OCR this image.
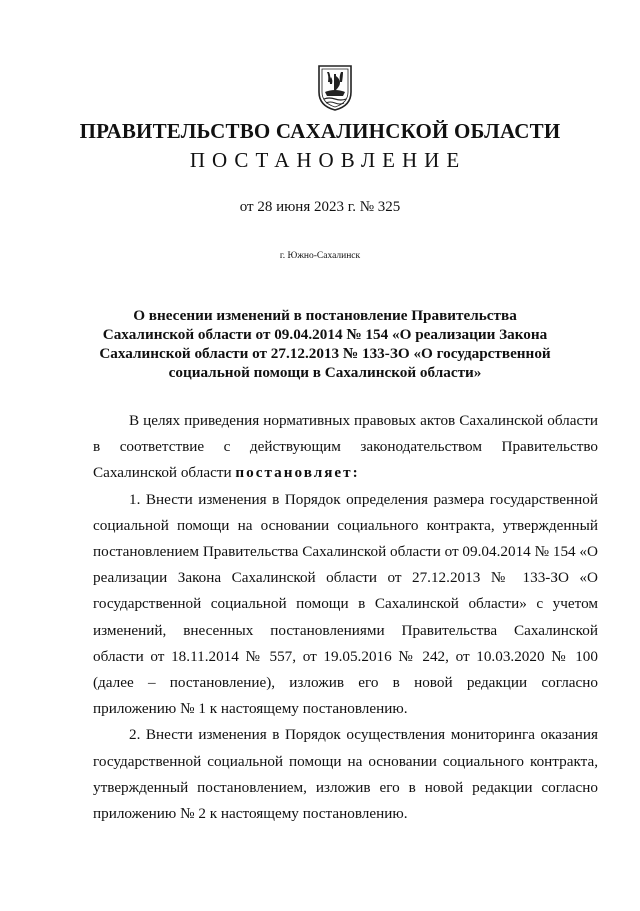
ПРАВИТЕЛЬСТВО САХАЛИНСКОЙ ОБЛАСТИ
ПОСТАНОВЛЕНИЕ
от 28 июня 2023 г. № 325
г. Южно-Сахалинск
О внесении изменений в постановление Правительства Сахалинской области от 09.04.2014 № 154 «О реализации Закона Сахалинской области от 27.12.2013 № 133-ЗО «О государственной социальной помощи в Сахалинской области»

В целях приведения нормативных правовых актов Сахалинской области в соответствие с действующим законодательством Правительство Сахалинской области постановляет:

1. Внести изменения в Порядок определения размера государственной социальной помощи на основании социального контракта, утвержденный постановлением Правительства Сахалинской области от 09.04.2014 № 154 «О реализации Закона Сахалинской области от 27.12.2013 № 133-ЗО «О государственной социальной помощи в Сахалинской области» с учетом изменений, внесенных постановлениями Правительства Сахалинской области от 18.11.2014 № 557, от 19.05.2016 № 242, от 10.03.2020 № 100 (далее – постановление), изложив его в новой редакции согласно приложению № 1 к настоящему постановлению.

2. Внести изменения в Порядок осуществления мониторинга оказания государственной социальной помощи на основании социального контракта, утвержденный постановлением, изложив его в новой редакции согласно приложению № 2 к настоящему постановлению.
